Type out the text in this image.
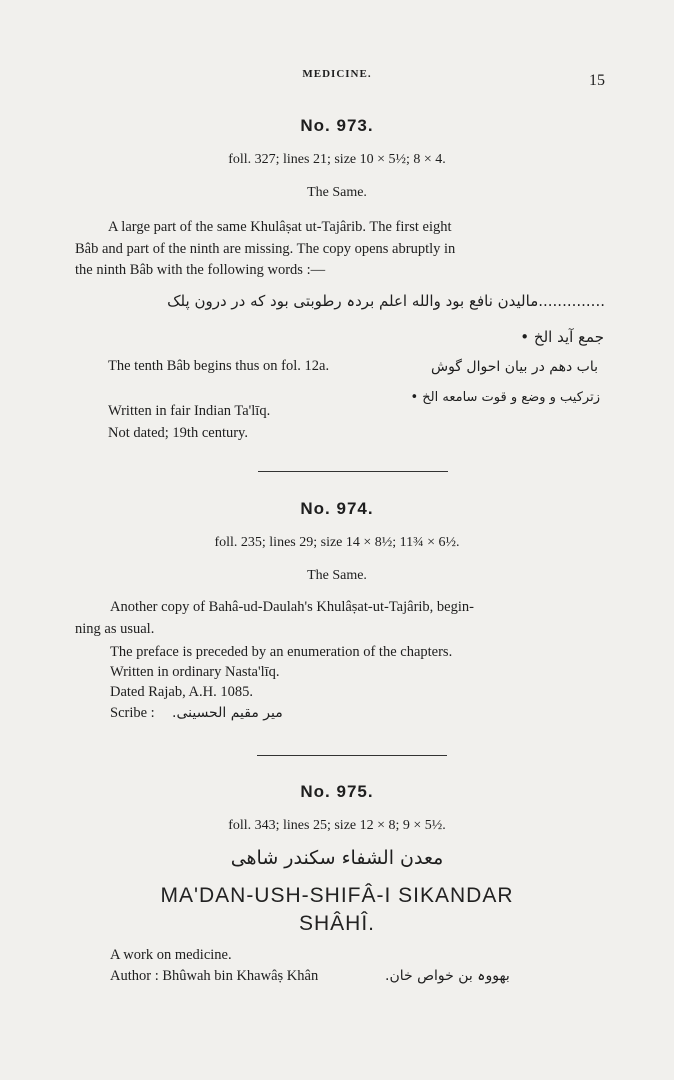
MEDICINE.	15
No. 973.
foll. 327; lines 21; size 10 × 5½; 8 × 4.
The Same.
A large part of the same Khulâṣat ut-Tajârib. The first eight
Bâb and part of the ninth are missing. The copy opens abruptly in
the ninth Bâb with the following words :—
..............مالیدن نافع بود والله اعلم بردہ رطوبتی بود که در درون پلک
جمع آید الخ •
The tenth Bâb begins thus on fol. 12a.	باب دهم در بیان احوال گوش
زترکیب و وضع و قوت سامعه الخ •
Written in fair Indian Ta'līq.
Not dated; 19th century.
No. 974.
foll. 235; lines 29; size 14 × 8½; 11¾ × 6½.
The Same.
Another copy of Bahâ-ud-Daulah's Khulâṣat-ut-Tajârib, begin-
ning as usual.
The preface is preceded by an enumeration of the chapters.
Written in ordinary Nasta'līq.
Dated Rajab, A.H. 1085.
Scribe : میر مقیم الحسینی.
No. 975.
foll. 343; lines 25; size 12 × 8; 9 × 5½.
معدن الشفاء سکندر شاهی
MA'DAN-USH-SHIFÂ-I SIKANDAR
SHÂHÎ.
A work on medicine.
Author : Bhûwah bin Khawâṣ Khân	بهووہ بن خواص خان.
